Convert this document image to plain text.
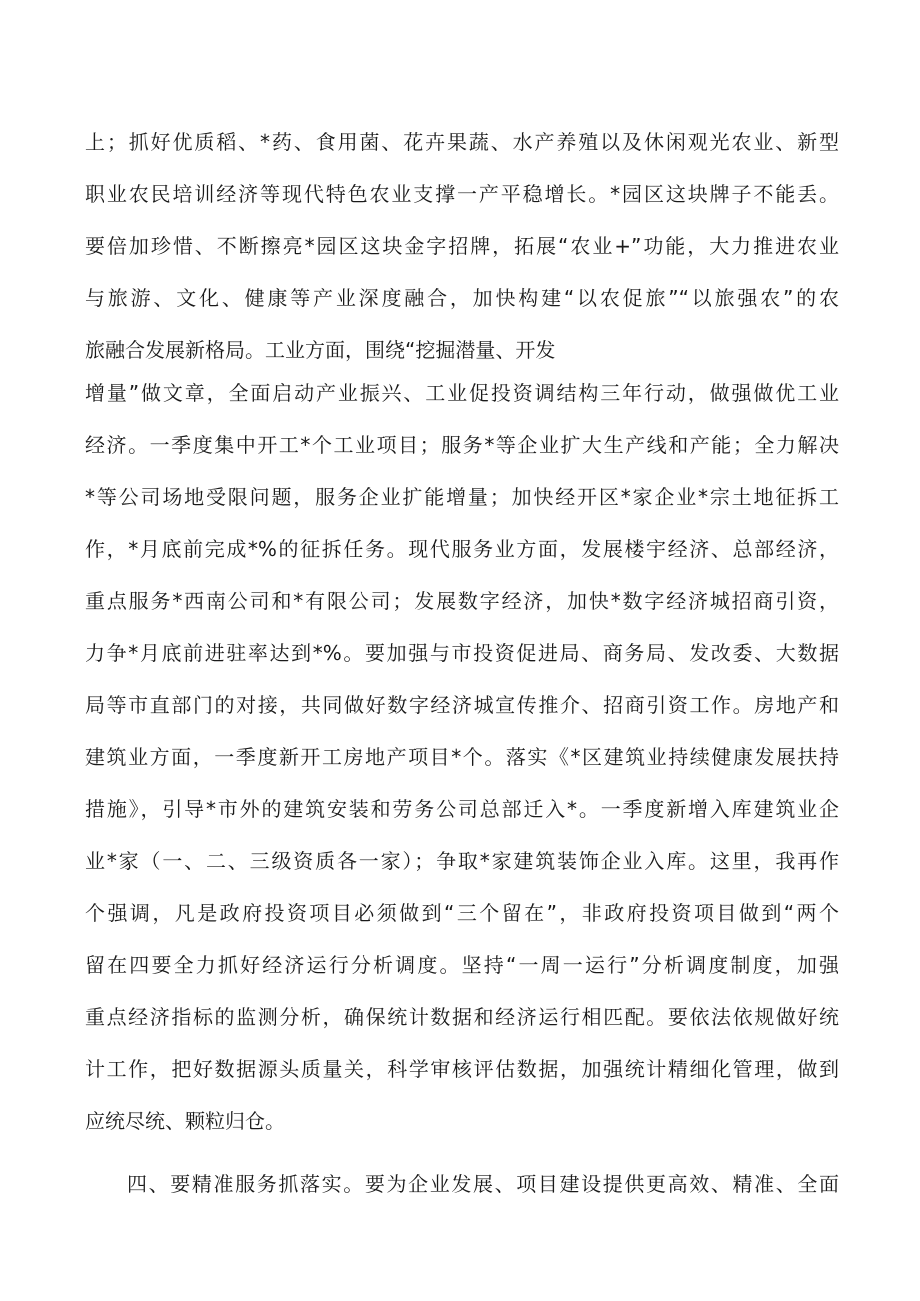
上；抓好优质稻、*药、食用菌、花卉果蔬、水产养殖以及休闲观光农业、新型
职业农民培训经济等现代特色农业支撑一产平稳增长。*园区这块牌子不能丢。
要倍加珍惜、不断擦亮*园区这块金字招牌，拓展“农业+”功能，大力推进农业
与旅游、文化、健康等产业深度融合，加快构建“以农促旅”“以旅强农”的农
旅融合发展新格局。工业方面，围绕“挖掘潜量、开发
增量”做文章，全面启动产业振兴、工业促投资调结构三年行动，做强做优工业
经济。一季度集中开工*个工业项目；服务*等企业扩大生产线和产能；全力解决
*等公司场地受限问题，服务企业扩能增量；加快经开区*家企业*宗土地征拆工
作，*月底前完成*%的征拆任务。现代服务业方面，发展楼宇经济、总部经济，
重点服务*西南公司和*有限公司；发展数字经济，加快*数字经济城招商引资，
力争*月底前进驻率达到*%。要加强与市投资促进局、商务局、发改委、大数据
局等市直部门的对接，共同做好数字经济城宣传推介、招商引资工作。房地产和
建筑业方面，一季度新开工房地产项目*个。落实《*区建筑业持续健康发展扶持
措施》，引导*市外的建筑安装和劳务公司总部迁入*。一季度新增入库建筑业企
业*家（一、二、三级资质各一家）；争取*家建筑装饰企业入库。这里，我再作
个强调，凡是政府投资项目必须做到“三个留在”，非政府投资项目做到“两个
留在四要全力抓好经济运行分析调度。坚持“一周一运行”分析调度制度，加强
重点经济指标的监测分析，确保统计数据和经济运行相匹配。要依法依规做好统
计工作，把好数据源头质量关，科学审核评估数据，加强统计精细化管理，做到
应统尽统、颗粒归仓。
四、要精准服务抓落实。要为企业发展、项目建设提供更高效、精准、全面
